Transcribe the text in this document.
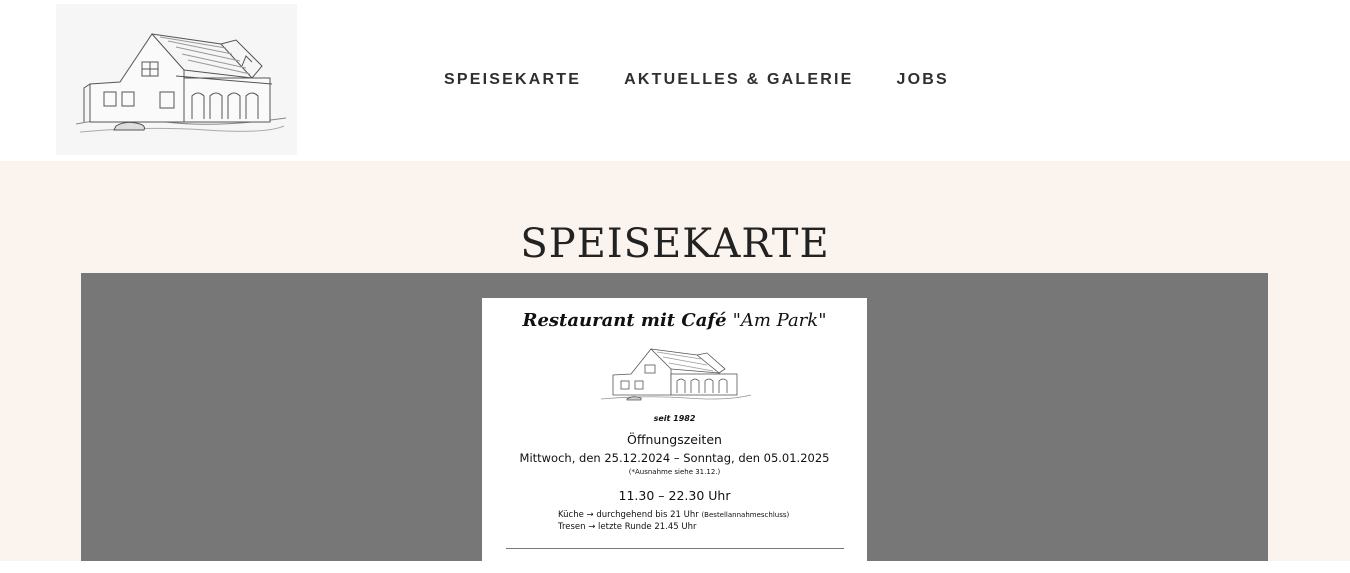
SPEISEKARTE	AKTUELLES & GALERIE	JOBS
SPEISEKARTE
Restaurant mit Café "Am Park"
seit 1982
Öffnungszeiten
Mittwoch, den 25.12.2024 – Sonntag, den 05.01.2025
(*Ausnahme siehe 31.12.)
11.30 – 22.30 Uhr
Küche → durchgehend bis 21 Uhr (Bestellannahmeschluss)
Tresen → letzte Runde 21.45 Uhr
